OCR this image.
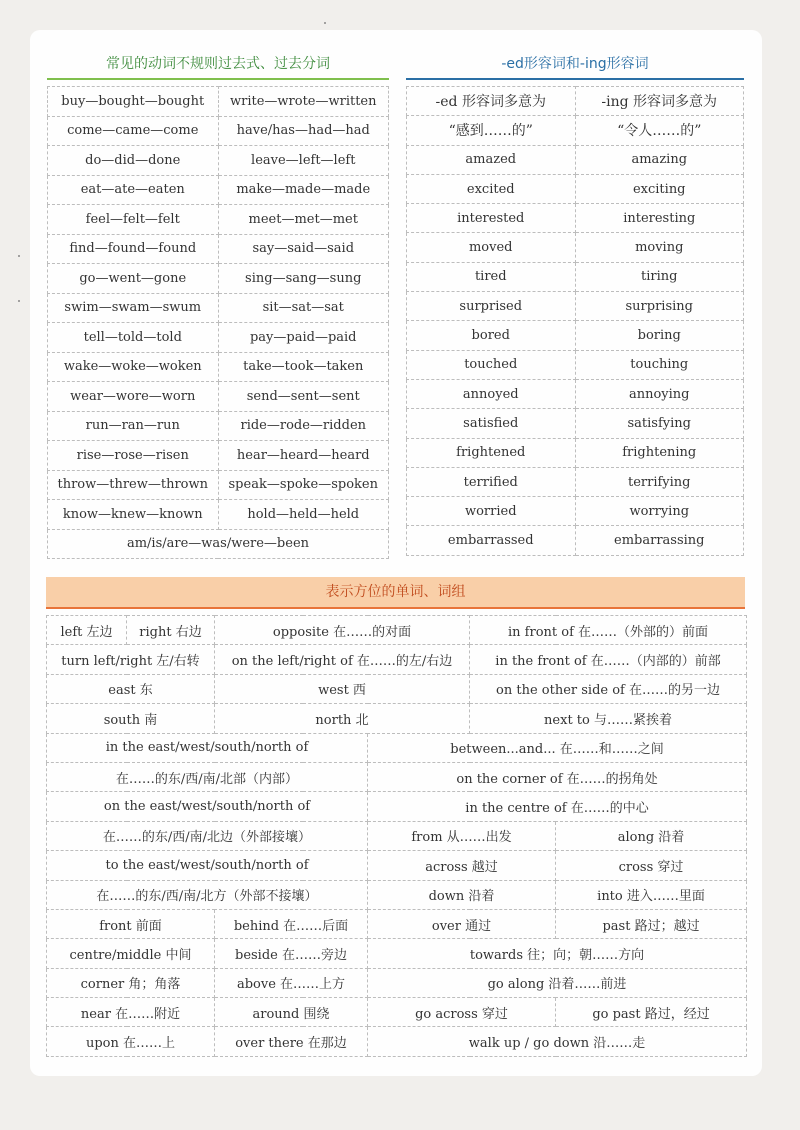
常见的动词不规则过去式、过去分词
buy—bought—bought	write—wrote—written
come—came—come	have/has—had—had
do—did—done	leave—left—left
eat—ate—eaten	make—made—made
feel—felt—felt	meet—met—met
find—found—found	say—said—said
go—went—gone	sing—sang—sung
swim—swam—swum	sit—sat—sat
tell—told—told	pay—paid—paid
wake—woke—woken	take—took—taken
wear—wore—worn	send—sent—sent
run—ran—run	ride—rode—ridden
rise—rose—risen	hear—heard—heard
throw—threw—thrown	speak—spoke—spoken
know—knew—known	hold—held—held
am/is/are—was/were—been	
-ed形容词和-ing形容词
-ed 形容词多意为	-ing 形容词多意为
“感到……的”	“令人……的”
amazed	amazing
excited	exciting
interested	interesting
moved	moving
tired	tiring
surprised	surprising
bored	boring
touched	touching
annoyed	annoying
satisfied	satisfying
frightened	frightening
terrified	terrifying
worried	worrying
embarrassed	embarrassing
表示方位的单词、词组
left 左边	right 右边	opposite 在……的对面		in front of 在……（外部的）前面	
turn left/right 左/右转		on the left/right of 在……的左/右边		in the front of 在……（内部的）前部	
east 东		west 西		on the other side of 在……的另一边	
south 南		north 北		next to 与……紧挨着	
in the east/west/south/north of			between...and... 在……和……之间		
在……的东/西/南/北部（内部）			on the corner of 在……的拐角处		
on the east/west/south/north of			in the centre of 在……的中心		
在……的东/西/南/北边（外部接壤）			from 从……出发		along 沿着
to the east/west/south/north of			across 越过		cross 穿过
在……的东/西/南/北方（外部不接壤）			down 沿着		into 进入……里面
front 前面		behind 在……后面	over 通过		past 路过；越过
centre/middle 中间		beside 在……旁边	towards 往；向；朝……方向		
corner 角；角落		above 在……上方	go along 沿着……前进		
near 在……附近		around 围绕	go across 穿过		go past 路过，经过
upon 在……上		over there 在那边	walk up / go down 沿……走		
